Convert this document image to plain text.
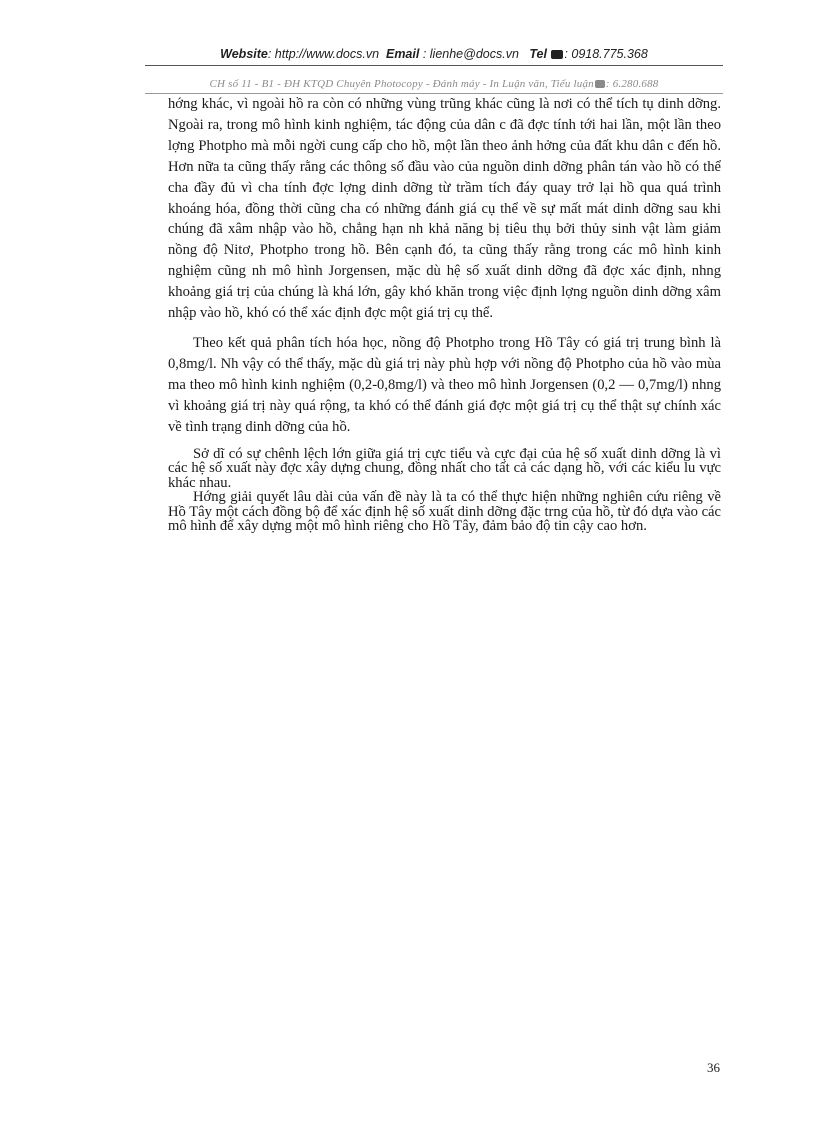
Website: http://www.docs.vn Email : lienhe@docs.vn Tel : 0918.775.368
CH số 11 - B1 - ĐH KTQD Chuyên Photocopy - Đánh máy - In Luận văn, Tiểu luận : 6.280.688

hớng khác, vì ngoài hồ ra còn có những vùng trũng khác cũng là nơi có thể tích tụ dinh dỡng. Ngoài ra, trong mô hình kinh nghiệm, tác động của dân c đã đợc tính tới hai lần, một lần theo lợng Photpho mà mỗi ngời cung cấp cho hồ, một lần theo ảnh hởng của đất khu dân c đến hồ. Hơn nữa ta cũng thấy rằng các thông số đầu vào của nguồn dinh dỡng phân tán vào hồ có thể cha đầy đủ vì cha tính đợc lợng dinh dỡng từ trầm tích đáy quay trở lại hồ qua quá trình khoáng hóa, đồng thời cũng cha có những đánh giá cụ thể về sự mất mát dinh dỡng sau khi chúng đã xâm nhập vào hồ, chẳng hạn nh khả năng bị tiêu thụ bởi thủy sinh vật làm giảm nồng độ Nitơ, Photpho trong hồ. Bên cạnh đó, ta cũng thấy rằng trong các mô hình kinh nghiệm cũng nh mô hình Jorgensen, mặc dù hệ số xuất dinh dỡng đã đợc xác định, nhng khoảng giá trị của chúng là khá lớn, gây khó khăn trong việc định lợng nguồn dinh dỡng xâm nhập vào hồ, khó có thể xác định đợc một giá trị cụ thể.

Theo kết quả phân tích hóa học, nồng độ Photpho trong Hồ Tây có giá trị trung bình là 0,8mg/l. Nh vậy có thể thấy, mặc dù giá trị này phù hợp với nồng độ Photpho của hồ vào mùa ma theo mô hình kinh nghiệm (0,2-0,8mg/l) và theo mô hình Jorgensen (0,2 — 0,7mg/l) nhng vì khoảng giá trị này quá rộng, ta khó có thể đánh giá đợc một giá trị cụ thể thật sự chính xác về tình trạng dinh dỡng của hồ.

Sở dĩ có sự chênh lệch lớn giữa giá trị cực tiểu và cực đại của hệ số xuất dinh dỡng là vì các hệ số xuất này đợc xây dựng chung, đồng nhất cho tất cả các dạng hồ, với các kiểu lu vực khác nhau.

Hớng giải quyết lâu dài của vấn đề này là ta có thể thực hiện những nghiên cứu riêng về Hồ Tây một cách đồng bộ để xác định hệ số xuất dinh dỡng đặc trng của hồ, từ đó dựa vào các mô hình để xây dựng một mô hình riêng cho Hồ Tây, đảm bảo độ tin cậy cao hơn.

36
